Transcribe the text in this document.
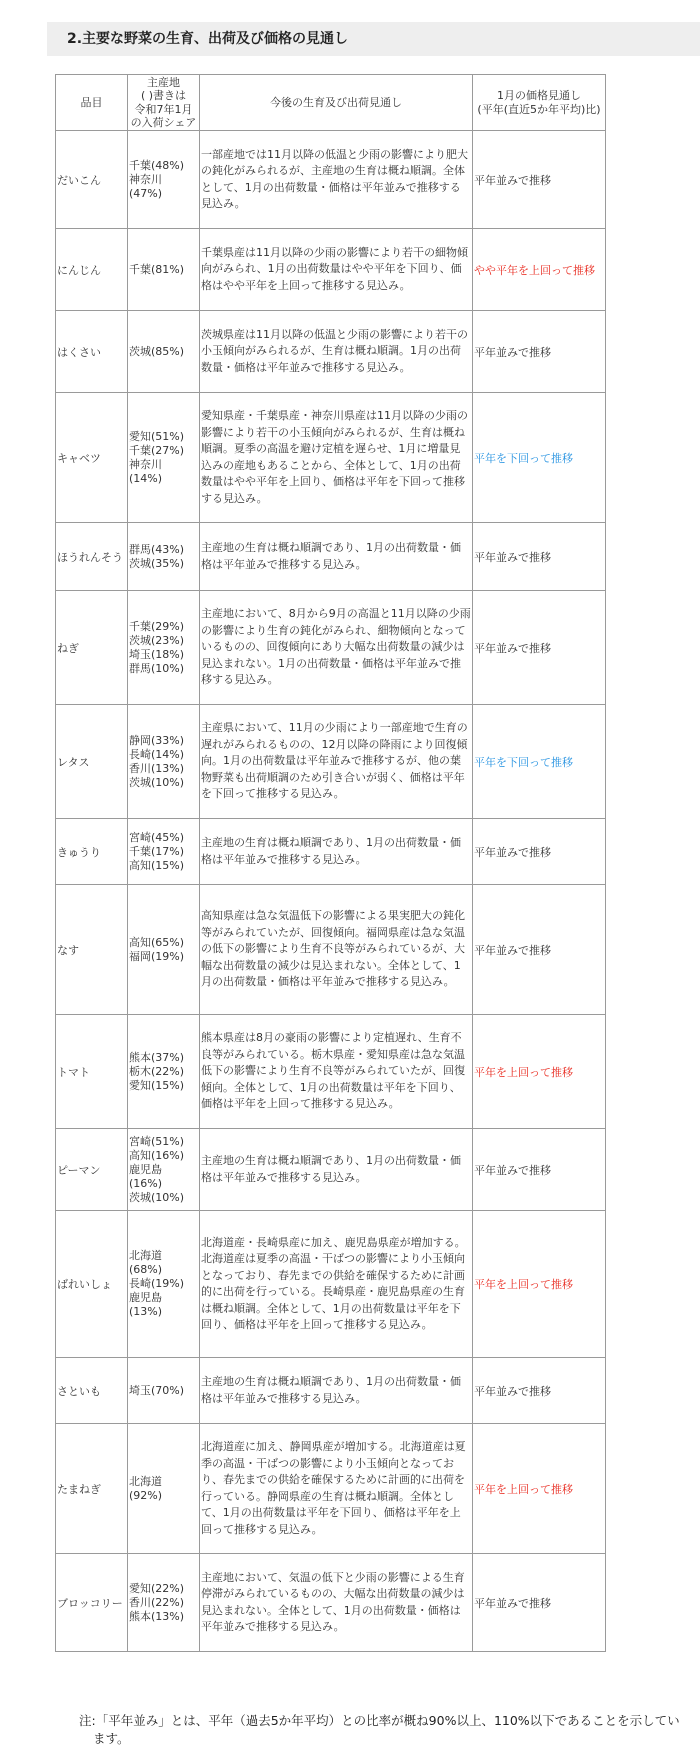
2.主要な野菜の生育、出荷及び価格の見通し
品目	主産地
( )書きは
令和7年1月
の入荷シェア	今後の生育及び出荷見通し	1月の価格見通し
(平年(直近5か年平均)比)
だいこん	千葉(48%)
神奈川
(47%)	一部産地では11月以降の低温と少雨の影響により肥大の鈍化がみられるが、主産地の生育は概ね順調。全体として、1月の出荷数量・価格は平年並みで推移する見込み。	平年並みで推移
にんじん	千葉(81%)	千葉県産は11月以降の少雨の影響により若干の細物傾向がみられ、1月の出荷数量はやや平年を下回り、価格はやや平年を上回って推移する見込み。	やや平年を上回って推移
はくさい	茨城(85%)	茨城県産は11月以降の低温と少雨の影響により若干の小玉傾向がみられるが、生育は概ね順調。1月の出荷数量・価格は平年並みで推移する見込み。	平年並みで推移
キャベツ	愛知(51%)
千葉(27%)
神奈川
(14%)	愛知県産・千葉県産・神奈川県産は11月以降の少雨の影響により若干の小玉傾向がみられるが、生育は概ね順調。夏季の高温を避け定植を遅らせ、1月に増量見込みの産地もあることから、全体として、1月の出荷数量はやや平年を上回り、価格は平年を下回って推移する見込み。	平年を下回って推移
ほうれんそう	群馬(43%)
茨城(35%)	主産地の生育は概ね順調であり、1月の出荷数量・価格は平年並みで推移する見込み。	平年並みで推移
ねぎ	千葉(29%)
茨城(23%)
埼玉(18%)
群馬(10%)	主産地において、8月から9月の高温と11月以降の少雨の影響により生育の鈍化がみられ、細物傾向となっているものの、回復傾向にあり大幅な出荷数量の減少は見込まれない。1月の出荷数量・価格は平年並みで推移する見込み。	平年並みで推移
レタス	静岡(33%)
長崎(14%)
香川(13%)
茨城(10%)	主産県において、11月の少雨により一部産地で生育の遅れがみられるものの、12月以降の降雨により回復傾向。1月の出荷数量は平年並みで推移するが、他の葉物野菜も出荷順調のため引き合いが弱く、価格は平年を下回って推移する見込み。	平年を下回って推移
きゅうり	宮崎(45%)
千葉(17%)
高知(15%)	主産地の生育は概ね順調であり、1月の出荷数量・価格は平年並みで推移する見込み。	平年並みで推移
なす	高知(65%)
福岡(19%)	高知県産は急な気温低下の影響による果実肥大の鈍化等がみられていたが、回復傾向。福岡県産は急な気温の低下の影響により生育不良等がみられているが、大幅な出荷数量の減少は見込まれない。全体として、1月の出荷数量・価格は平年並みで推移する見込み。	平年並みで推移
トマト	熊本(37%)
栃木(22%)
愛知(15%)	熊本県産は8月の豪雨の影響により定植遅れ、生育不良等がみられている。栃木県産・愛知県産は急な気温低下の影響により生育不良等がみられていたが、回復傾向。全体として、1月の出荷数量は平年を下回り、価格は平年を上回って推移する見込み。	平年を上回って推移
ピーマン	宮崎(51%)
高知(16%)
鹿児島
(16%)
茨城(10%)	主産地の生育は概ね順調であり、1月の出荷数量・価格は平年並みで推移する見込み。	平年並みで推移
ばれいしょ	北海道
(68%)
長崎(19%)
鹿児島
(13%)	北海道産・長崎県産に加え、鹿児島県産が増加する。北海道産は夏季の高温・干ばつの影響により小玉傾向となっており、春先までの供給を確保するために計画的に出荷を行っている。長崎県産・鹿児島県産の生育は概ね順調。全体として、1月の出荷数量は平年を下回り、価格は平年を上回って推移する見込み。	平年を上回って推移
さといも	埼玉(70%)	主産地の生育は概ね順調であり、1月の出荷数量・価格は平年並みで推移する見込み。	平年並みで推移
たまねぎ	北海道
(92%)	北海道産に加え、静岡県産が増加する。北海道産は夏季の高温・干ばつの影響により小玉傾向となっており、春先までの供給を確保するために計画的に出荷を行っている。静岡県産の生育は概ね順調。全体として、1月の出荷数量は平年を下回り、価格は平年を上回って推移する見込み。	平年を上回って推移
ブロッコリー	愛知(22%)
香川(22%)
熊本(13%)	主産地において、気温の低下と少雨の影響による生育停滞がみられているものの、大幅な出荷数量の減少は見込まれない。全体として、1月の出荷数量・価格は平年並みで推移する見込み。	平年並みで推移
注:「平年並み」とは、平年（過去5か年平均）との比率が概ね90%以上、110%以下であることを示しています。
